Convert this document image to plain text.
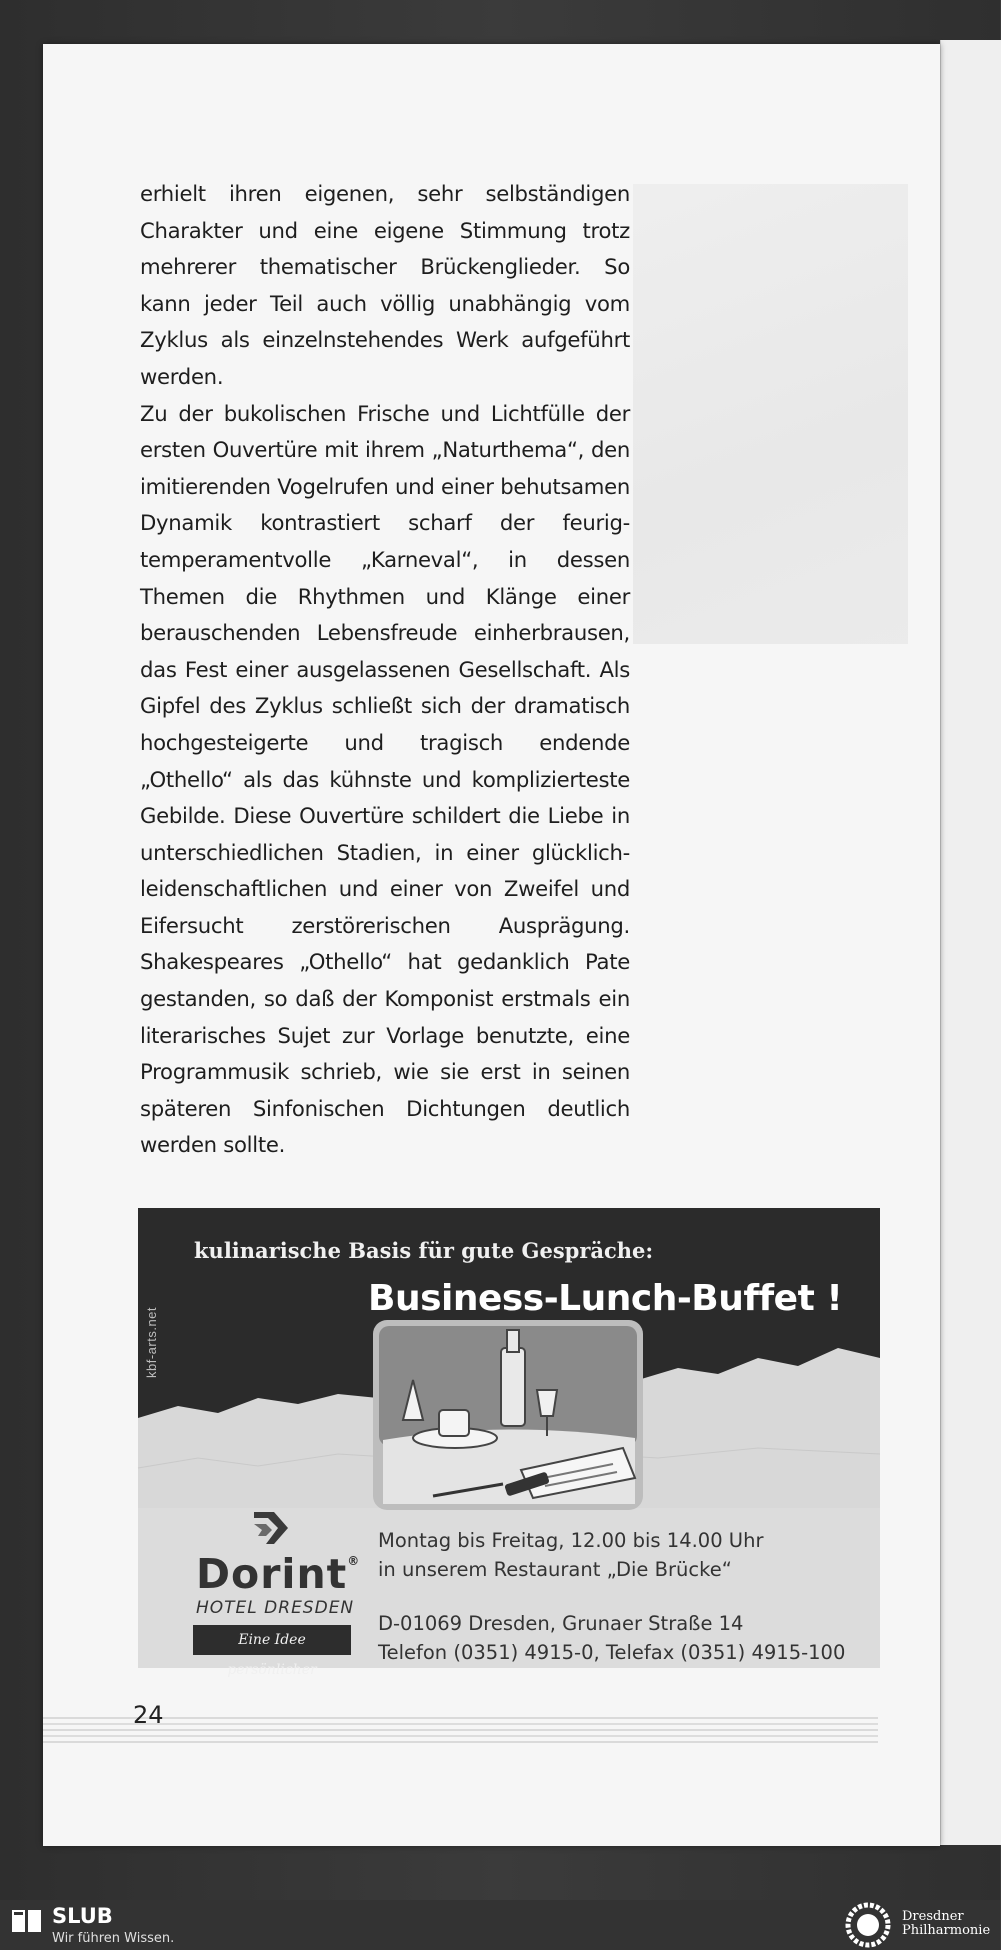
erhielt ihren eigenen, sehr selbständigen Charakter und eine eigene Stimmung trotz mehrerer thematischer Brückenglieder. So kann jeder Teil auch völlig unabhängig vom Zyklus als einzelnstehendes Werk aufgeführt werden.

Zu der bukolischen Frische und Lichtfülle der ersten Ouvertüre mit ihrem „Naturthema“, den imitierenden Vogelrufen und einer behutsamen Dynamik kontrastiert scharf der feurig-temperamentvolle „Karneval“, in dessen Themen die Rhythmen und Klänge einer berauschenden Lebensfreude einherbrausen, das Fest einer ausgelassenen Gesellschaft. Als Gipfel des Zyklus schließt sich der dramatisch hochgesteigerte und tragisch endende „Othello“ als das kühnste und komplizierteste Gebilde. Diese Ouvertüre schildert die Liebe in unterschiedlichen Stadien, in einer glücklich-leidenschaftlichen und einer von Zweifel und Eifersucht zerstörerischen Ausprägung. Shakespeares „Othello“ hat gedanklich Pate gestanden, so daß der Komponist erstmals ein literarisches Sujet zur Vorlage benutzte, eine Programmusik schrieb, wie sie erst in seinen späteren Sinfonischen Dichtungen deutlich werden sollte.

kbf-arts.net
kulinarische Basis für gute Gespräche:
Business-Lunch-Buffet !
Dorint®
HOTEL DRESDEN
Eine Idee persönlicher
Montag bis Freitag, 12.00 bis 14.00 Uhr
in unserem Restaurant „Die Brücke“
D-01069 Dresden, Grunaer Straße 14
Telefon (0351) 4915-0, Telefax (0351) 4915-100
24
SLUB
Wir führen Wissen.
Dresdner
Philharmonie
